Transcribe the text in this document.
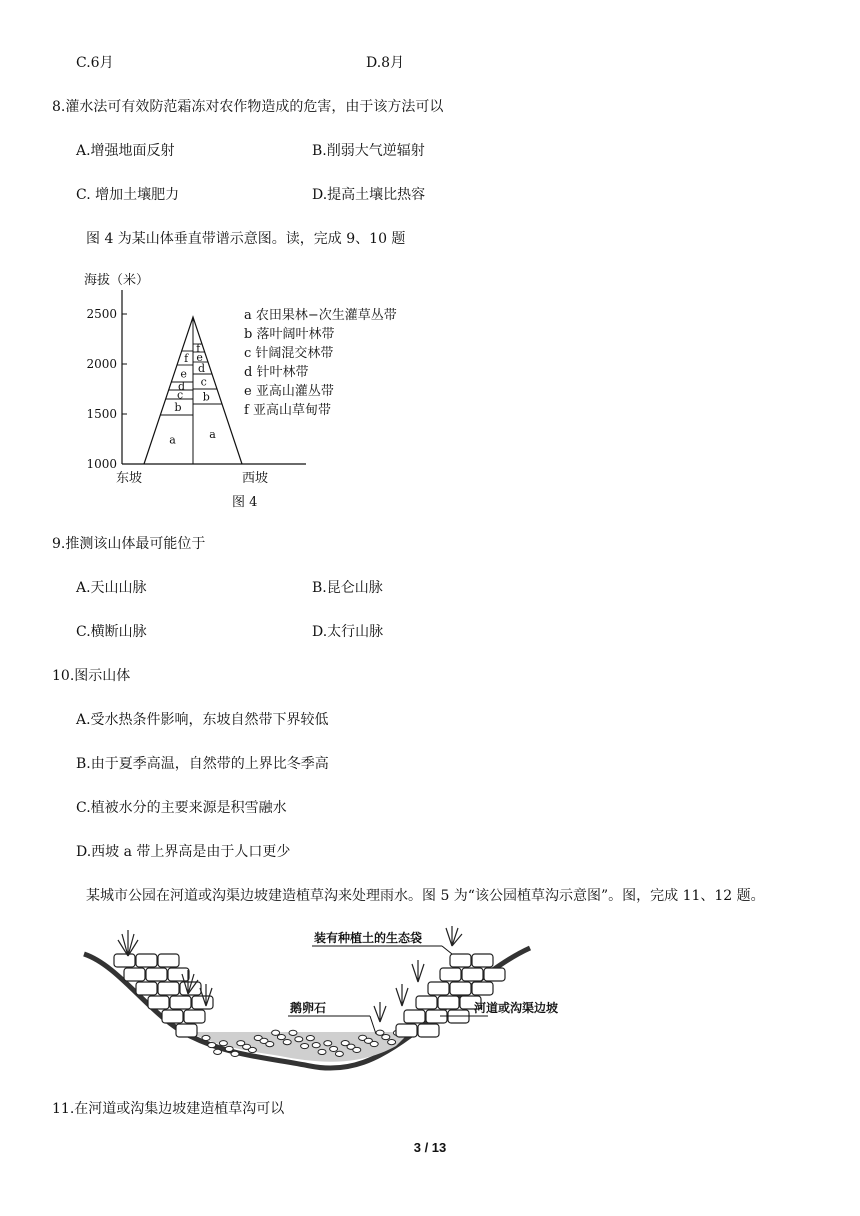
C.6月	D.8月
8.灌水法可有效防范霜冻对农作物造成的危害，由于该方法可以
A.增强地面反射	B.削弱大气逆辐射
C. 增加土壤肥力	D.提高土壤比热容
图 4 为某山体垂直带谱示意图。读，完成 9、10 题
海拔（米）
2500
2000
1500
1000
a	a
b
b
c
c
d
d
e
e
f
f
东坡	西坡
图 4
a 农田果林−次生灌草丛带
b 落叶阔叶林带
c 针阔混交林带
d 针叶林带
e 亚高山灌丛带
f 亚高山草甸带
9.推测该山体最可能位于
A.天山山脉	B.昆仑山脉
C.横断山脉	D.太行山脉
10.图示山体
A.受水热条件影响，东坡自然带下界较低
B.由于夏季高温，自然带的上界比冬季高
C.植被水分的主要来源是积雪融水
D.西坡 a 带上界高是由于人口更少
某城市公园在河道或沟渠边坡建造植草沟来处理雨水。图 5 为“该公园植草沟示意图”。图，完成 11、12 题。
装有种植土的生态袋
鹅卵石	河道或沟渠边坡
11.在河道或沟集边坡建造植草沟可以
3 / 13
